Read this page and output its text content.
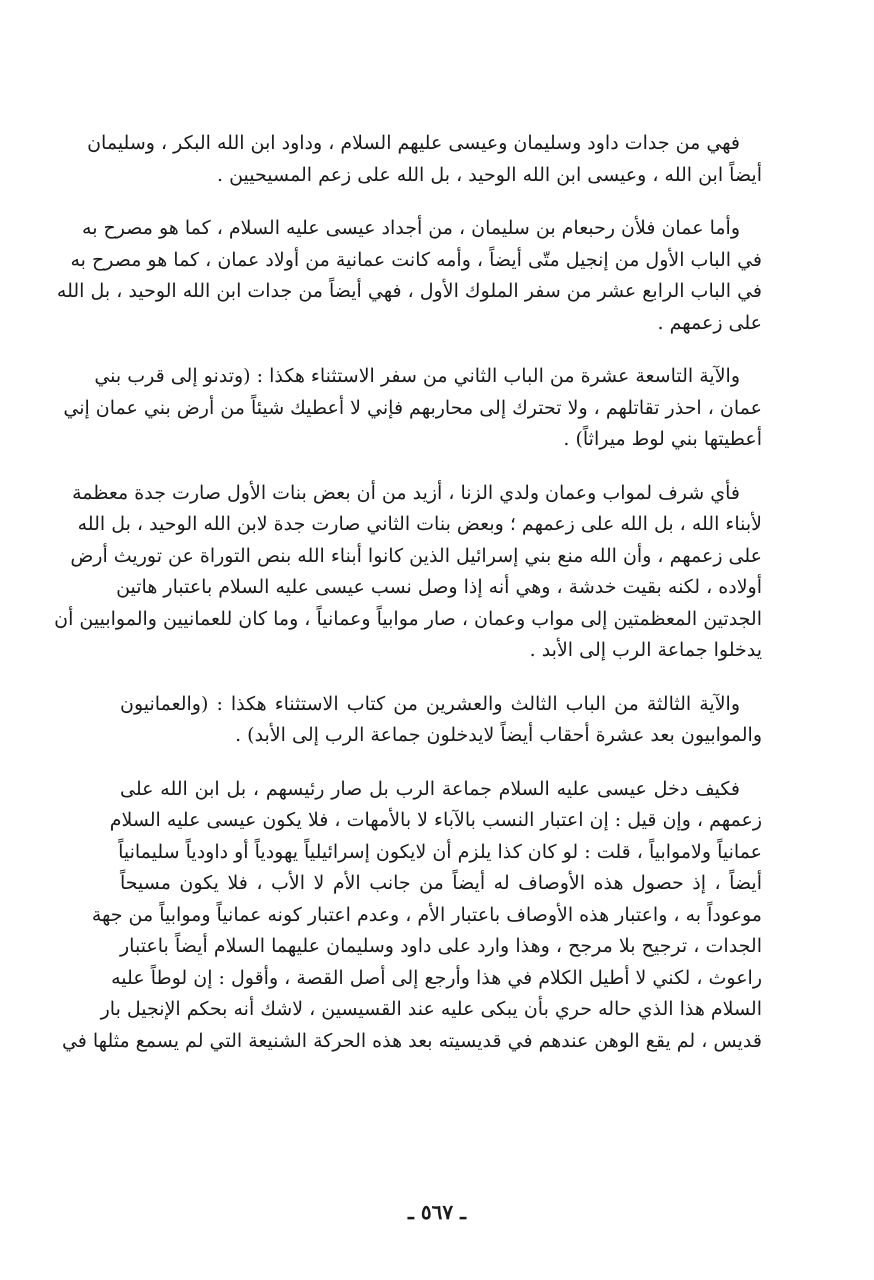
فهي من جدات داود وسليمان وعيسى عليهم السلام ، وداود ابن الله البكر ، وسليمان
أيضاً ابن الله ، وعيسى ابن الله الوحيد ، بل الله على زعم المسيحيين .
وأما عمان فلأن رحبعام بن سليمان ، من أجداد عيسى عليه السلام ، كما هو مصرح به
في الباب الأول من إنجيل متّى أيضاً ، وأمه كانت عمانية من أولاد عمان ، كما هو مصرح به
في الباب الرابع عشر من سفر الملوك الأول ، فهي أيضاً من جدات ابن الله الوحيد ، بل الله
على زعمهم .
والآية التاسعة عشرة من الباب الثاني من سفر الاستثناء هكذا : (وتدنو إلى قرب بني
عمان ، احذر تقاتلهم ، ولا تحترك إلى محاربهم فإني لا أعطيك شيئاً من أرض بني عمان إني
أعطيتها بني لوط ميراثاً) .
فأي شرف لمواب وعمان ولدي الزنا ، أزيد من أن بعض بنات الأول صارت جدة معظمة
لأبناء الله ، بل الله على زعمهم ؛ وبعض بنات الثاني صارت جدة لابن الله الوحيد ، بل الله
على زعمهم ، وأن الله منع بني إسرائيل الذين كانوا أبناء الله بنص التوراة عن توريث أرض
أولاده ، لكنه بقيت خدشة ، وهي أنه إذا وصل نسب عيسى عليه السلام باعتبار هاتين
الجدتين المعظمتين إلى مواب وعمان ، صار موابياً وعمانياً ، وما كان للعمانيين والموابيين أن
يدخلوا جماعة الرب إلى الأبد .
والآية الثالثة من الباب الثالث والعشرين من كتاب الاستثناء هكذا : (والعمانيون
والموابيون بعد عشرة أحقاب أيضاً لايدخلون جماعة الرب إلى الأبد) .
فكيف دخل عيسى عليه السلام جماعة الرب بل صار رئيسهم ، بل ابن الله على
زعمهم ، وإن قيل : إن اعتبار النسب بالآباء لا بالأمهات ، فلا يكون عيسى عليه السلام
عمانياً ولاموابياً ، قلت : لو كان كذا يلزم أن لايكون إسرائيلياً يهودياً أو داودياً سليمانياً
أيضاً ، إذ حصول هذه الأوصاف له أيضاً من جانب الأم لا الأب ، فلا يكون مسيحاً
موعوداً به ، واعتبار هذه الأوصاف باعتبار الأم ، وعدم اعتبار كونه عمانياً وموابياً من جهة
الجدات ، ترجيح بلا مرجح ، وهذا وارد على داود وسليمان عليهما السلام أيضاً باعتبار
راعوث ، لكني لا أطيل الكلام في هذا وأرجع إلى أصل القصة ، وأقول : إن لوطاً عليه
السلام هذا الذي حاله حري بأن يبكى عليه عند القسيسين ، لاشك أنه بحكم الإنجيل بار
قديس ، لم يقع الوهن عندهم في قديسيته بعد هذه الحركة الشنيعة التي لم يسمع مثلها في
ـ ٥٦٧ ـ
